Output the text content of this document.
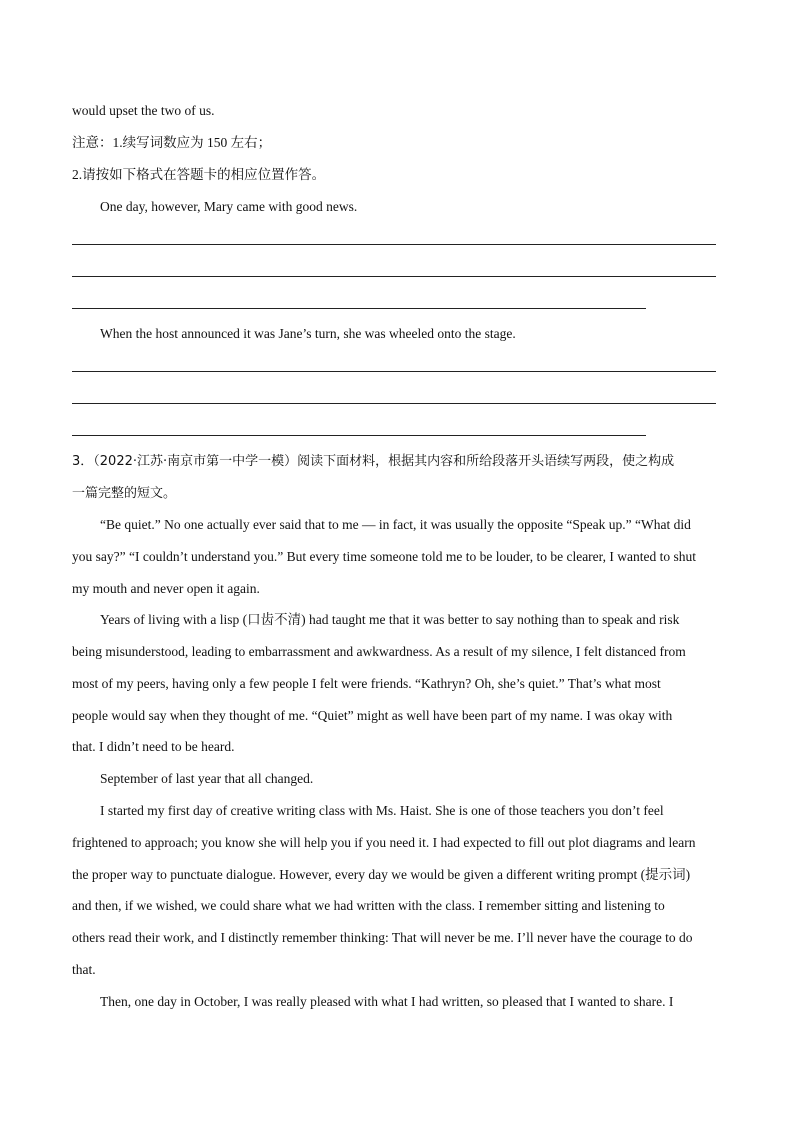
would upset the two of us.
注意：1.续写词数应为 150 左右；
2.请按如下格式在答题卡的相应位置作答。
One day, however, Mary came with good news.
When the host announced it was Jane’s turn, she was wheeled onto the stage.
3．（2022·江苏·南京市第一中学一模）阅读下面材料，根据其内容和所给段落开头语续写两段，使之构成
一篇完整的短文。
“Be quiet.” No one actually ever said that to me — in fact, it was usually the opposite “Speak up.” “What did
you say?” “I couldn’t understand you.” But every time someone told me to be louder, to be clearer, I wanted to shut
my mouth and never open it again.
Years of living with a lisp (口齿不清) had taught me that it was better to say nothing than to speak and risk
being misunderstood, leading to embarrassment and awkwardness. As a result of my silence, I felt distanced from
most of my peers, having only a few people I felt were friends. “Kathryn? Oh, she’s quiet.” That’s what most
people would say when they thought of me. “Quiet” might as well have been part of my name. I was okay with
that. I didn’t need to be heard.
September of last year that all changed.
I started my first day of creative writing class with Ms. Haist. She is one of those teachers you don’t feel
frightened to approach; you know she will help you if you need it. I had expected to fill out plot diagrams and learn
the proper way to punctuate dialogue. However, every day we would be given a different writing prompt (提示词)
and then, if we wished, we could share what we had written with the class. I remember sitting and listening to
others read their work, and I distinctly remember thinking: That will never be me. I’ll never have the courage to do
that.
Then, one day in October, I was really pleased with what I had written, so pleased that I wanted to share. I
